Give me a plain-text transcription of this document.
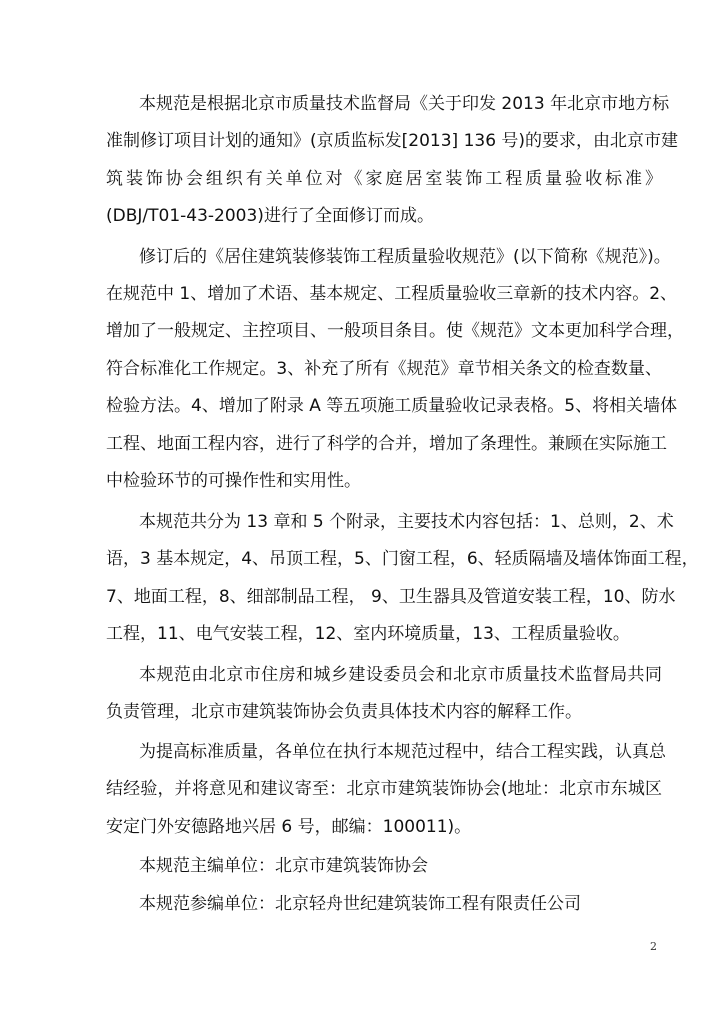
本规范是根据北京市质量技术监督局《关于印发 2013 年北京市地方标
准制修订项目计划的通知》(京质监标发[2013] 136 号)的要求，由北京市建
筑装饰协会组织有关单位对《家庭居室装饰工程质量验收标准》
(DBJ/T01-43-2003)进行了全面修订而成。
修订后的《居住建筑装修装饰工程质量验收规范》(以下简称《规范》)。
在规范中 1、增加了术语、基本规定、工程质量验收三章新的技术内容。2、
增加了一般规定、主控项目、一般项目条目。使《规范》文本更加科学合理，
符合标准化工作规定。3、补充了所有《规范》章节相关条文的检查数量、
检验方法。4、增加了附录 A 等五项施工质量验收记录表格。5、将相关墙体
工程、地面工程内容，进行了科学的合并，增加了条理性。兼顾在实际施工
中检验环节的可操作性和实用性。
本规范共分为 13 章和 5 个附录，主要技术内容包括：1、总则，2、术
语，3 基本规定，4、吊顶工程，5、门窗工程，6、轻质隔墙及墙体饰面工程，
7、地面工程，8、细部制品工程， 9、卫生器具及管道安装工程，10、防水
工程，11、电气安装工程，12、室内环境质量，13、工程质量验收。
本规范由北京市住房和城乡建设委员会和北京市质量技术监督局共同
负责管理，北京市建筑装饰协会负责具体技术内容的解释工作。
为提高标准质量，各单位在执行本规范过程中，结合工程实践，认真总
结经验，并将意见和建议寄至：北京市建筑装饰协会(地址：北京市东城区
安定门外安德路地兴居 6 号，邮编：100011)。
本规范主编单位：北京市建筑装饰协会
本规范参编单位：北京轻舟世纪建筑装饰工程有限责任公司
2
